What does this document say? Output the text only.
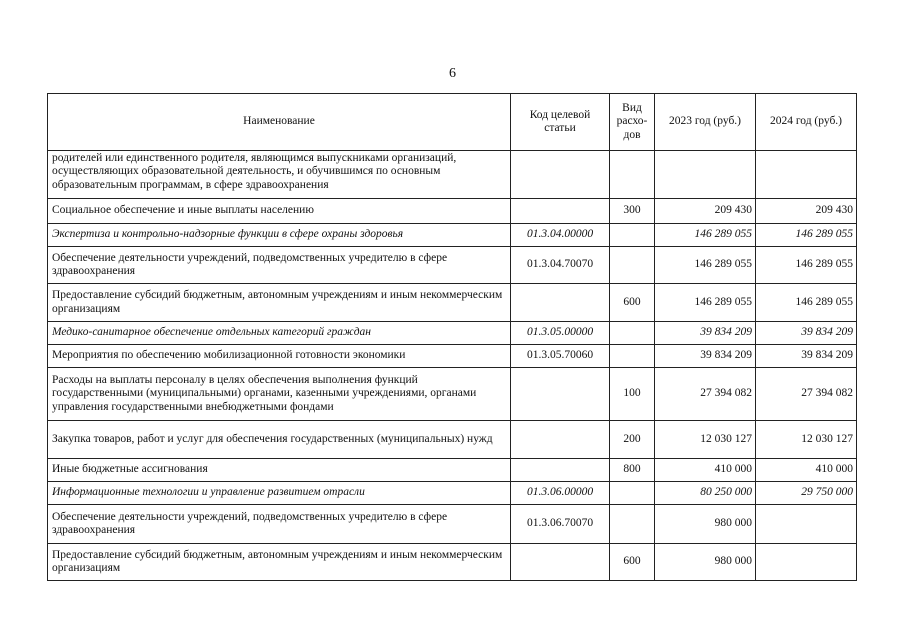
6
Наименование	Код целевой статьи	Вид расхо-дов	2023 год (руб.)	2024 год (руб.)
родителей или единственного родителя, являющимся выпускниками организаций, осуществляющих образовательной деятельность, и обучившимся по основным образовательным программам, в сфере здравоохранения				
Социальное обеспечение и иные выплаты населению		300	209 430	209 430
Экспертиза и контрольно-надзорные функции в сфере охраны здоровья	01.3.04.00000		146 289 055	146 289 055
Обеспечение деятельности учреждений, подведомственных учредителю в сфере здравоохранения	01.3.04.70070		146 289 055	146 289 055
Предоставление субсидий бюджетным, автономным учреждениям и иным некоммерческим организациям		600	146 289 055	146 289 055
Медико-санитарное обеспечение отдельных категорий граждан	01.3.05.00000		39 834 209	39 834 209
Мероприятия по обеспечению мобилизационной готовности экономики	01.3.05.70060		39 834 209	39 834 209
Расходы на выплаты персоналу в целях обеспечения выполнения функций государственными (муниципальными) органами, казенными учреждениями, органами управления государственными внебюджетными фондами		100	27 394 082	27 394 082
Закупка товаров, работ и услуг для обеспечения государственных (муниципальных) нужд		200	12 030 127	12 030 127
Иные бюджетные ассигнования		800	410 000	410 000
Информационные технологии и управление развитием отрасли	01.3.06.00000		80 250 000	29 750 000
Обеспечение деятельности учреждений, подведомственных учредителю в сфере здравоохранения	01.3.06.70070		980 000	
Предоставление субсидий бюджетным, автономным учреждениям и иным некоммерческим организациям		600	980 000	
